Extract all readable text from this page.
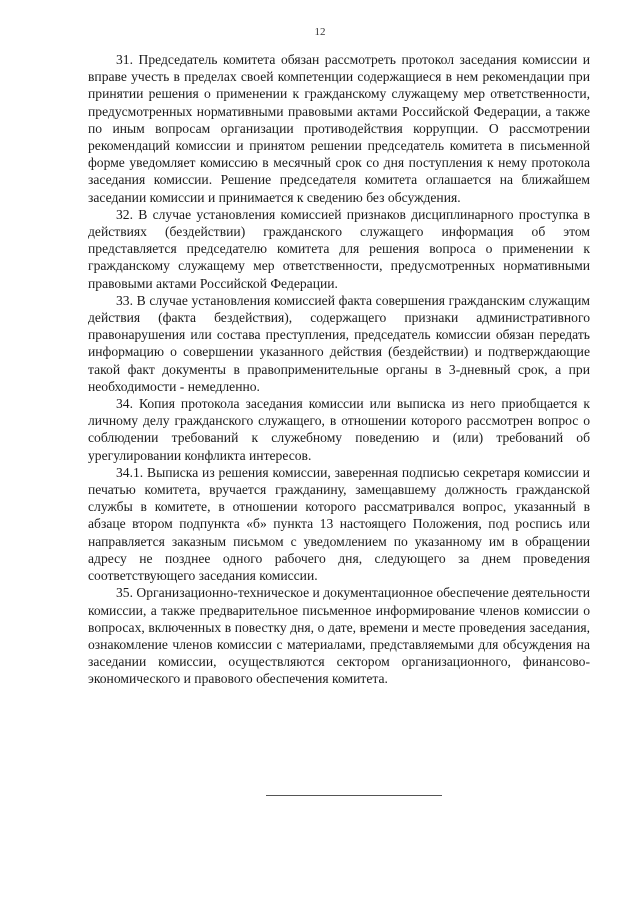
12

31. Председатель комитета обязан рассмотреть протокол заседания комиссии и вправе учесть в пределах своей компетенции содержащиеся в нем рекомендации при принятии решения о применении к гражданскому служащему мер ответственности, предусмотренных нормативными правовыми актами Российской Федерации, а также по иным вопросам организации противодействия коррупции. О рассмотрении рекомендаций комиссии и принятом решении председатель комитета в письменной форме уведомляет комиссию в месячный срок со дня поступления к нему протокола заседания комиссии. Решение председателя комитета оглашается на ближайшем заседании комиссии и принимается к сведению без обсуждения.

32. В случае установления комиссией признаков дисциплинарного проступка в действиях (бездействии) гражданского служащего информация об этом представляется председателю комитета для решения вопроса о применении к гражданскому служащему мер ответственности, предусмотренных нормативными правовыми актами Российской Федерации.

33. В случае установления комиссией факта совершения гражданским служащим действия (факта бездействия), содержащего признаки административного правонарушения или состава преступления, председатель комиссии обязан передать информацию о совершении указанного действия (бездействии) и подтверждающие такой факт документы в правоприменительные органы в 3-дневный срок, а при необходимости - немедленно.

34. Копия протокола заседания комиссии или выписка из него приобщается к личному делу гражданского служащего, в отношении которого рассмотрен вопрос о соблюдении требований к служебному поведению и (или) требований об урегулировании конфликта интересов.

34.1. Выписка из решения комиссии, заверенная подписью секретаря комиссии и печатью комитета, вручается гражданину, замещавшему должность гражданской службы в комитете, в отношении которого рассматривался вопрос, указанный в абзаце втором подпункта «б» пункта 13 настоящего Положения, под роспись или направляется заказным письмом с уведомлением по указанному им в обращении адресу не позднее одного рабочего дня, следующего за днем проведения соответствующего заседания комиссии.

35. Организационно-техническое и документационное обеспечение деятельности комиссии, а также предварительное письменное информирование членов комиссии о вопросах, включенных в повестку дня, о дате, времени и месте проведения заседания, ознакомление членов комиссии с материалами, представляемыми для обсуждения на заседании комиссии, осуществляются сектором организационного, финансово-экономического и правового обеспечения комитета.
